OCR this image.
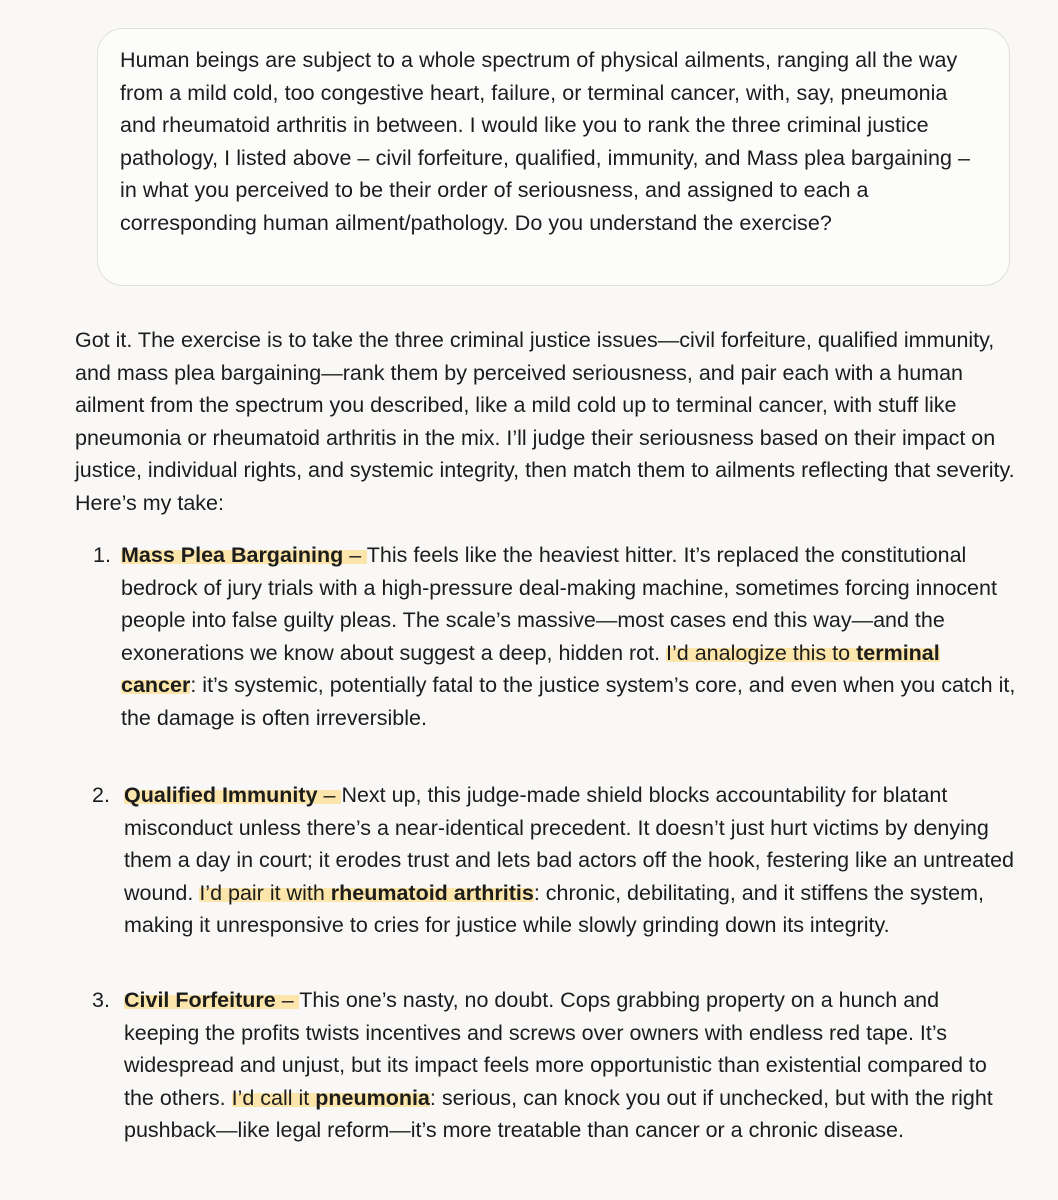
Human beings are subject to a whole spectrum of physical ailments, ranging all the way from a mild cold, too congestive heart, failure, or terminal cancer, with, say, pneumonia and rheumatoid arthritis in between. I would like you to rank the three criminal justice pathology, I listed above – civil forfeiture, qualified, immunity, and Mass plea bargaining – in what you perceived to be their order of seriousness, and assigned to each a corresponding human ailment/pathology. Do you understand the exercise?

Got it. The exercise is to take the three criminal justice issues—civil forfeiture, qualified immunity, and mass plea bargaining—rank them by perceived seriousness, and pair each with a human ailment from the spectrum you described, like a mild cold up to terminal cancer, with stuff like pneumonia or rheumatoid arthritis in the mix. I’ll judge their seriousness based on their impact on justice, individual rights, and systemic integrity, then match them to ailments reflecting that severity. Here’s my take:

1. Mass Plea Bargaining – This feels like the heaviest hitter. It’s replaced the constitutional bedrock of jury trials with a high-pressure deal-making machine, sometimes forcing innocent people into false guilty pleas. The scale’s massive—most cases end this way—and the exonerations we know about suggest a deep, hidden rot. I’d analogize this to terminal cancer: it’s systemic, potentially fatal to the justice system’s core, and even when you catch it, the damage is often irreversible.
2. Qualified Immunity – Next up, this judge-made shield blocks accountability for blatant misconduct unless there’s a near-identical precedent. It doesn’t just hurt victims by denying them a day in court; it erodes trust and lets bad actors off the hook, festering like an untreated wound. I’d pair it with rheumatoid arthritis: chronic, debilitating, and it stiffens the system, making it unresponsive to cries for justice while slowly grinding down its integrity.
3. Civil Forfeiture – This one’s nasty, no doubt. Cops grabbing property on a hunch and keeping the profits twists incentives and screws over owners with endless red tape. It’s widespread and unjust, but its impact feels more opportunistic than existential compared to the others. I’d call it pneumonia: serious, can knock you out if unchecked, but with the right pushback—like legal reform—it’s more treatable than cancer or a chronic disease.
